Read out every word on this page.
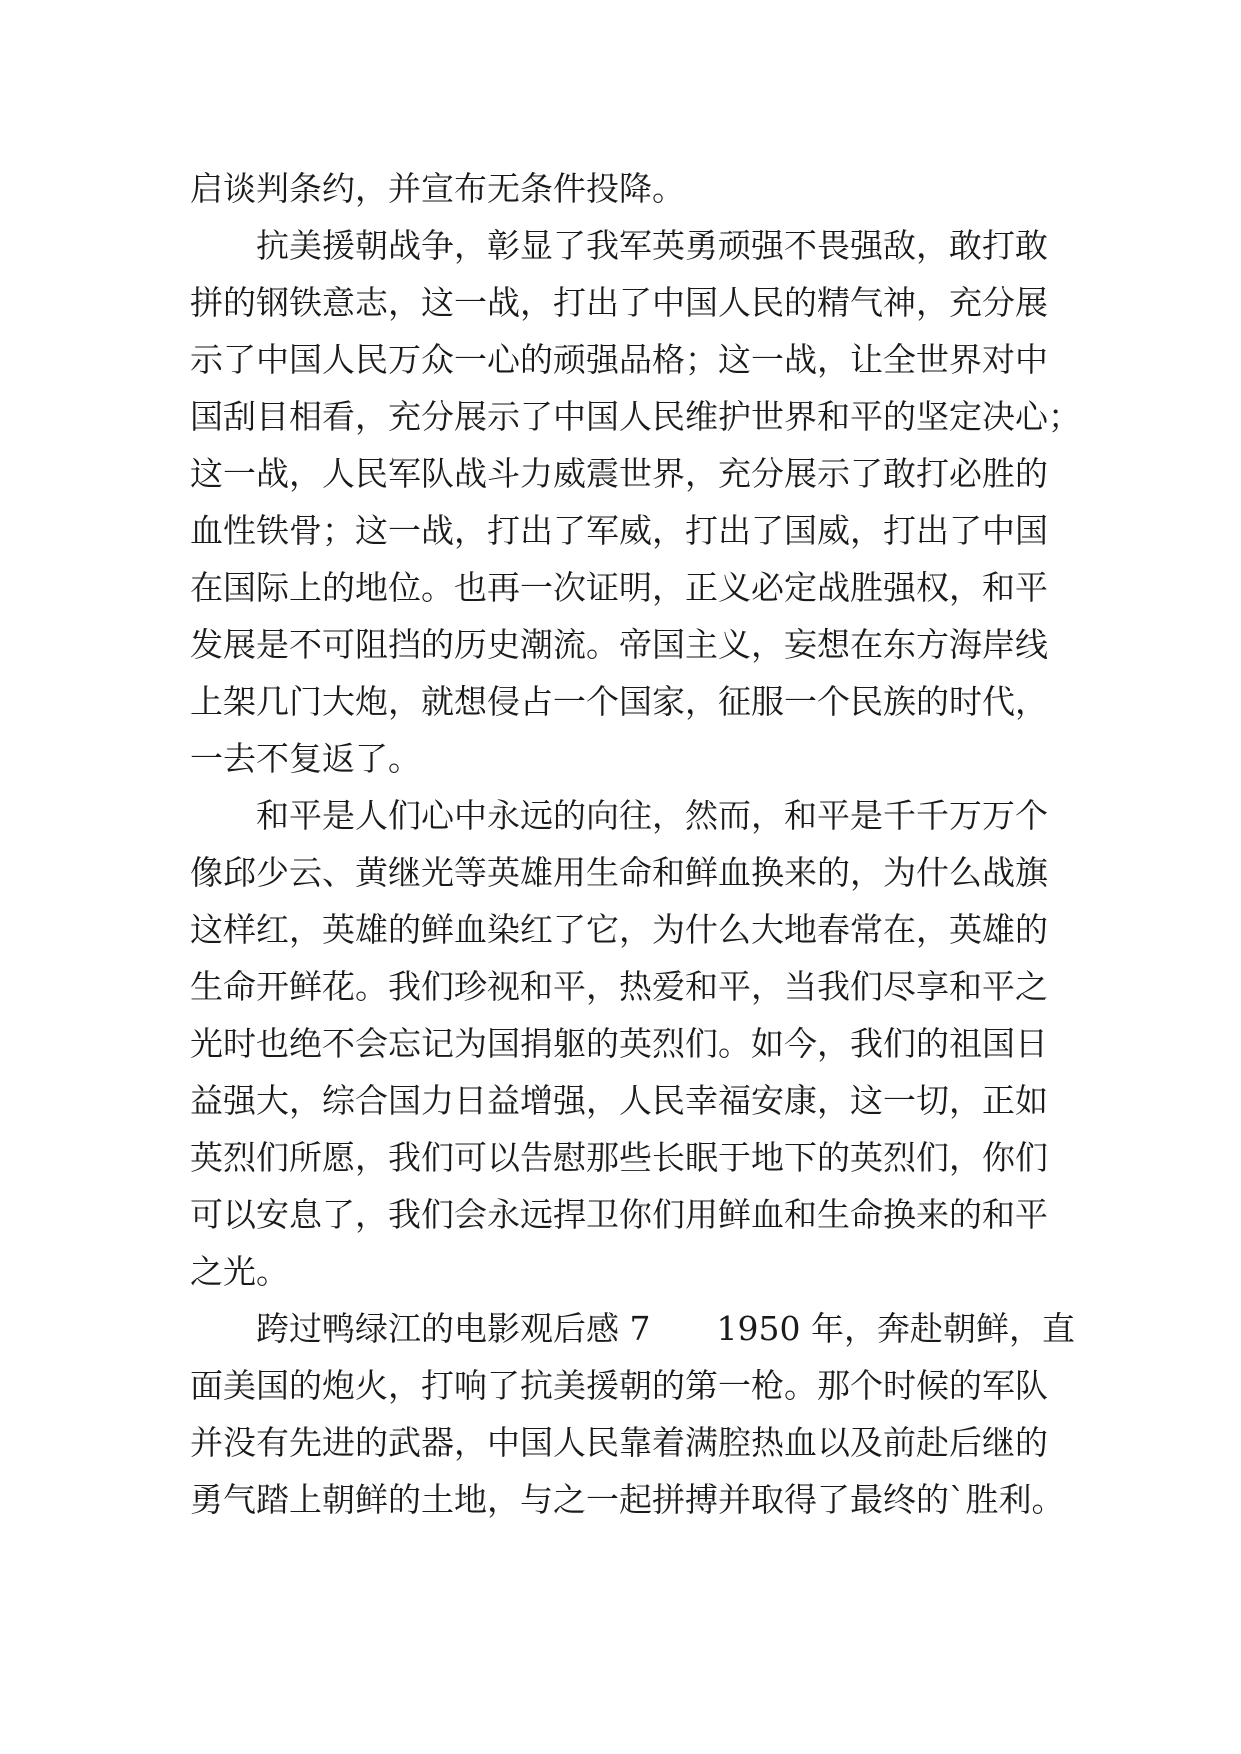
启谈判条约，并宣布无条件投降。
抗美援朝战争，彰显了我军英勇顽强不畏强敌，敢打敢
拼的钢铁意志，这一战，打出了中国人民的精气神，充分展
示了中国人民万众一心的顽强品格；这一战，让全世界对中
国刮目相看，充分展示了中国人民维护世界和平的坚定决心；
这一战，人民军队战斗力威震世界，充分展示了敢打必胜的
血性铁骨；这一战，打出了军威，打出了国威，打出了中国
在国际上的地位。也再一次证明，正义必定战胜强权，和平
发展是不可阻挡的历史潮流。帝国主义，妄想在东方海岸线
上架几门大炮，就想侵占一个国家，征服一个民族的时代，
一去不复返了。
和平是人们心中永远的向往，然而，和平是千千万万个
像邱少云、黄继光等英雄用生命和鲜血换来的，为什么战旗
这样红，英雄的鲜血染红了它，为什么大地春常在，英雄的
生命开鲜花。我们珍视和平，热爱和平，当我们尽享和平之
光时也绝不会忘记为国捐躯的英烈们。如今，我们的祖国日
益强大，综合国力日益增强，人民幸福安康，这一切，正如
英烈们所愿，我们可以告慰那些长眠于地下的英烈们，你们
可以安息了，我们会永远捍卫你们用鲜血和生命换来的和平
之光。
跨过鸭绿江的电影观后感 7　　1950 年，奔赴朝鲜，直
面美国的炮火，打响了抗美援朝的第一枪。那个时候的军队
并没有先进的武器，中国人民靠着满腔热血以及前赴后继的
勇气踏上朝鲜的土地，与之一起拼搏并取得了最终的`胜利。
